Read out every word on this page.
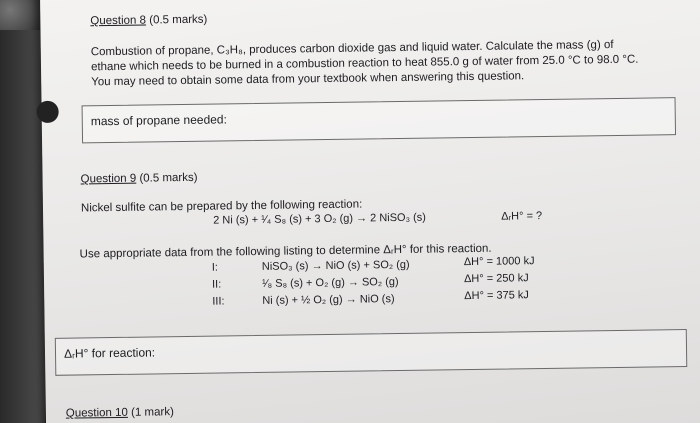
Question 8 (0.5 marks)
Combustion of propane, C₃H₈, produces carbon dioxide gas and liquid water. Calculate the mass (g) of
ethane which needs to be burned in a combustion reaction to heat 855.0 g of water from 25.0 °C to 98.0 °C.
You may need to obtain some data from your textbook when answering this question.
mass of propane needed:
Question 9 (0.5 marks)
Nickel sulfite can be prepared by the following reaction:
2 Ni (s) + ¹⁄₄ S₈ (s) + 3 O₂ (g) → 2 NiSO₃ (s)	ΔᵣH° = ?
Use appropriate data from the following listing to determine ΔᵣH° for this reaction.
I:	NiSO₃ (s) → NiO (s) + SO₂ (g)	ΔH° = 1000 kJ
II:	¹⁄₈ S₈ (s) + O₂ (g) → SO₂ (g)	ΔH° = 250 kJ
III:	Ni (s) + ½ O₂ (g) → NiO (s)	ΔH° = 375 kJ
ΔᵣH° for reaction:
Question 10 (1 mark)
